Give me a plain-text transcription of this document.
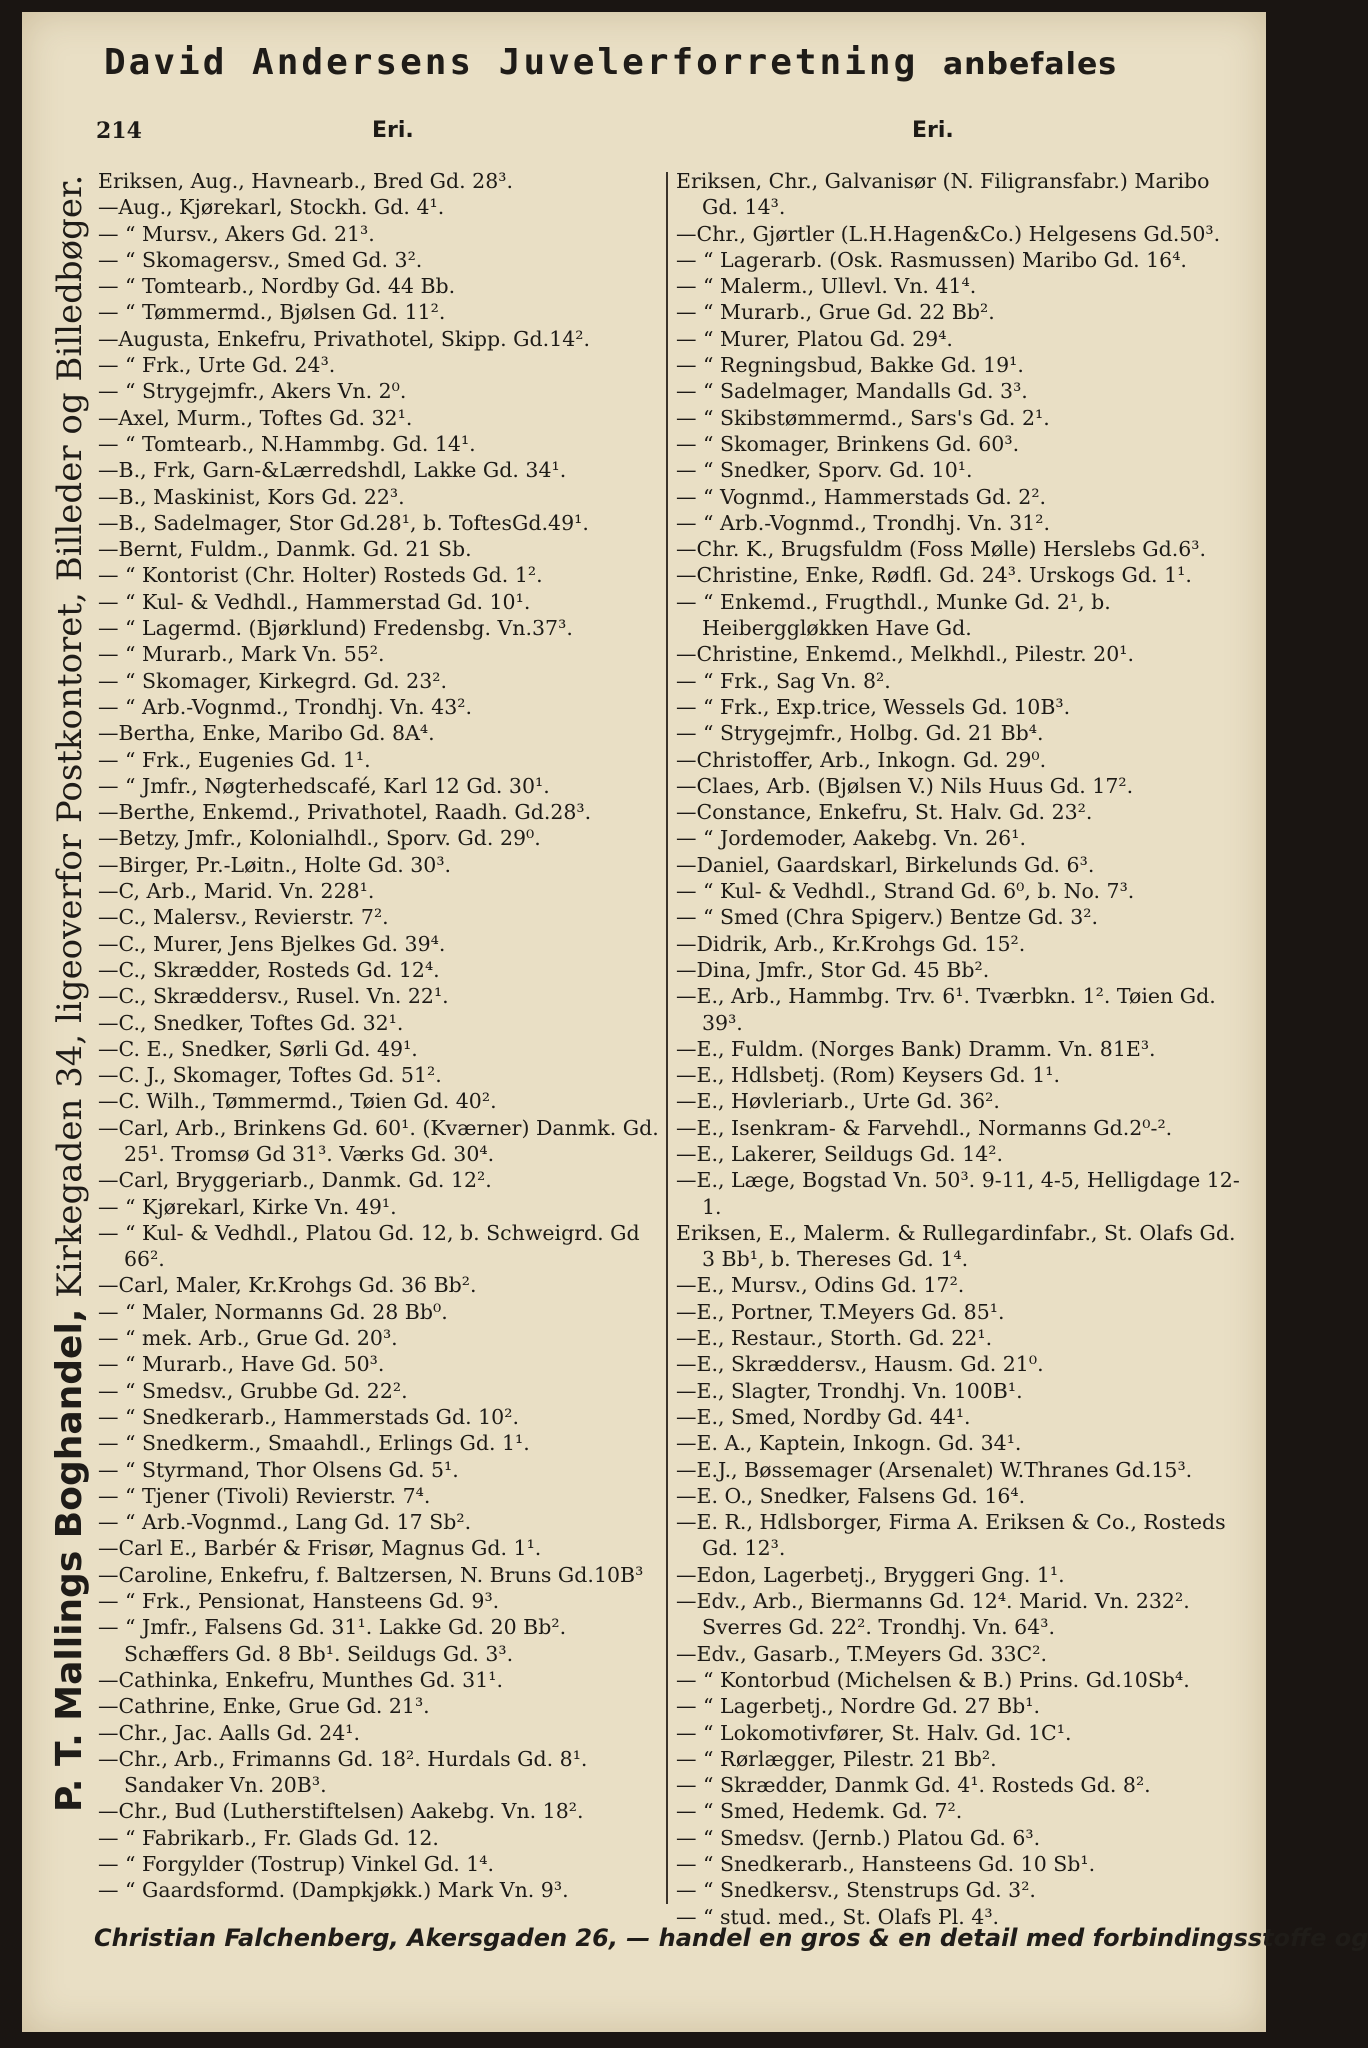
David Andersens Juvelerforretning anbefales
214	Eri.	Eri.
P. T. Mallings Boghandel, Kirkegaden 34, ligeoverfor Postkontoret, Billeder og Billedbøger. Eriksen, Aug., Havnearb., Bred Gd. 28³.
—Aug., Kjørekarl, Stockh. Gd. 4¹.
— “ Mursv., Akers Gd. 21³.
— “ Skomagersv., Smed Gd. 3².
— “ Tomtearb., Nordby Gd. 44 Bb.
— “ Tømmermd., Bjølsen Gd. 11².
—Augusta, Enkefru, Privathotel, Skipp. Gd.14².
— “ Frk., Urte Gd. 24³.
— “ Strygejmfr., Akers Vn. 2⁰.
—Axel, Murm., Toftes Gd. 32¹.
— “ Tomtearb., N.Hammbg. Gd. 14¹.
—B., Frk, Garn-&Lærredshdl, Lakke Gd. 34¹.
—B., Maskinist, Kors Gd. 22³.
—B., Sadelmager, Stor Gd.28¹, b. ToftesGd.49¹.
—Bernt, Fuldm., Danmk. Gd. 21 Sb.
— “ Kontorist (Chr. Holter) Rosteds Gd. 1².
— “ Kul- & Vedhdl., Hammerstad Gd. 10¹.
— “ Lagermd. (Bjørklund) Fredensbg. Vn.37³.
— “ Murarb., Mark Vn. 55².
— “ Skomager, Kirkegrd. Gd. 23².
— “ Arb.-Vognmd., Trondhj. Vn. 43².
—Bertha, Enke, Maribo Gd. 8A⁴.
— “ Frk., Eugenies Gd. 1¹.
— “ Jmfr., Nøgterhedscafé, Karl 12 Gd. 30¹.
—Berthe, Enkemd., Privathotel, Raadh. Gd.28³.
—Betzy, Jmfr., Kolonialhdl., Sporv. Gd. 29⁰.
—Birger, Pr.-Løitn., Holte Gd. 30³.
—C, Arb., Marid. Vn. 228¹.
—C., Malersv., Revierstr. 7².
—C., Murer, Jens Bjelkes Gd. 39⁴.
—C., Skrædder, Rosteds Gd. 12⁴.
—C., Skræddersv., Rusel. Vn. 22¹.
—C., Snedker, Toftes Gd. 32¹.
—C. E., Snedker, Sørli Gd. 49¹.
—C. J., Skomager, Toftes Gd. 51².
—C. Wilh., Tømmermd., Tøien Gd. 40².
—Carl, Arb., Brinkens Gd. 60¹. (Kværner) Danmk. Gd. 25¹. Tromsø Gd 31³. Værks Gd. 30⁴.
—Carl, Bryggeriarb., Danmk. Gd. 12².
— “ Kjørekarl, Kirke Vn. 49¹.
— “ Kul- & Vedhdl., Platou Gd. 12, b. Schweigrd. Gd 66².
—Carl, Maler, Kr.Krohgs Gd. 36 Bb².
— “ Maler, Normanns Gd. 28 Bb⁰.
— “ mek. Arb., Grue Gd. 20³.
— “ Murarb., Have Gd. 50³.
— “ Smedsv., Grubbe Gd. 22².
— “ Snedkerarb., Hammerstads Gd. 10².
— “ Snedkerm., Smaahdl., Erlings Gd. 1¹.
— “ Styrmand, Thor Olsens Gd. 5¹.
— “ Tjener (Tivoli) Revierstr. 7⁴.
— “ Arb.-Vognmd., Lang Gd. 17 Sb².
—Carl E., Barbér & Frisør, Magnus Gd. 1¹.
—Caroline, Enkefru, f. Baltzersen, N. Bruns Gd.10B³
— “ Frk., Pensionat, Hansteens Gd. 9³.
— “ Jmfr., Falsens Gd. 31¹. Lakke Gd. 20 Bb². Schæffers Gd. 8 Bb¹. Seildugs Gd. 3³.
—Cathinka, Enkefru, Munthes Gd. 31¹.
—Cathrine, Enke, Grue Gd. 21³.
—Chr., Jac. Aalls Gd. 24¹.
—Chr., Arb., Frimanns Gd. 18². Hurdals Gd. 8¹. Sandaker Vn. 20B³.
—Chr., Bud (Lutherstiftelsen) Aakebg. Vn. 18².
— “ Fabrikarb., Fr. Glads Gd. 12.
— “ Forgylder (Tostrup) Vinkel Gd. 1⁴.
— “ Gaardsformd. (Dampkjøkk.) Mark Vn. 9³.
Eriksen, Chr., Galvanisør (N. Filigransfabr.) Maribo Gd. 14³.
—Chr., Gjørtler (L.H.Hagen&Co.) Helgesens Gd.50³.
— “ Lagerarb. (Osk. Rasmussen) Maribo Gd. 16⁴.
— “ Malerm., Ullevl. Vn. 41⁴.
— “ Murarb., Grue Gd. 22 Bb².
— “ Murer, Platou Gd. 29⁴.
— “ Regningsbud, Bakke Gd. 19¹.
— “ Sadelmager, Mandalls Gd. 3³.
— “ Skibstømmermd., Sars's Gd. 2¹.
— “ Skomager, Brinkens Gd. 60³.
— “ Snedker, Sporv. Gd. 10¹.
— “ Vognmd., Hammerstads Gd. 2².
— “ Arb.-Vognmd., Trondhj. Vn. 31².
—Chr. K., Brugsfuldm (Foss Mølle) Herslebs Gd.6³.
—Christine, Enke, Rødfl. Gd. 24³. Urskogs Gd. 1¹.
— “ Enkemd., Frugthdl., Munke Gd. 2¹, b. Heiberggløkken Have Gd.
—Christine, Enkemd., Melkhdl., Pilestr. 20¹.
— “ Frk., Sag Vn. 8².
— “ Frk., Exp.trice, Wessels Gd. 10B³.
— “ Strygejmfr., Holbg. Gd. 21 Bb⁴.
—Christoffer, Arb., Inkogn. Gd. 29⁰.
—Claes, Arb. (Bjølsen V.) Nils Huus Gd. 17².
—Constance, Enkefru, St. Halv. Gd. 23².
— “ Jordemoder, Aakebg. Vn. 26¹.
—Daniel, Gaardskarl, Birkelunds Gd. 6³.
— “ Kul- & Vedhdl., Strand Gd. 6⁰, b. No. 7³.
— “ Smed (Chra Spigerv.) Bentze Gd. 3².
—Didrik, Arb., Kr.Krohgs Gd. 15².
—Dina, Jmfr., Stor Gd. 45 Bb².
—E., Arb., Hammbg. Trv. 6¹. Tværbkn. 1². Tøien Gd. 39³.
—E., Fuldm. (Norges Bank) Dramm. Vn. 81E³.
—E., Hdlsbetj. (Rom) Keysers Gd. 1¹.
—E., Høvleriarb., Urte Gd. 36².
—E., Isenkram- & Farvehdl., Normanns Gd.2⁰-².
—E., Lakerer, Seildugs Gd. 14².
—E., Læge, Bogstad Vn. 50³. 9-11, 4-5, Helligdage 12-1.
Eriksen, E., Malerm. & Rullegardinfabr., St. Olafs Gd. 3 Bb¹, b. Thereses Gd. 1⁴.
—E., Mursv., Odins Gd. 17².
—E., Portner, T.Meyers Gd. 85¹.
—E., Restaur., Storth. Gd. 22¹.
—E., Skræddersv., Hausm. Gd. 21⁰.
—E., Slagter, Trondhj. Vn. 100B¹.
—E., Smed, Nordby Gd. 44¹.
—E. A., Kaptein, Inkogn. Gd. 34¹.
—E.J., Bøssemager (Arsenalet) W.Thranes Gd.15³.
—E. O., Snedker, Falsens Gd. 16⁴.
—E. R., Hdlsborger, Firma A. Eriksen & Co., Rosteds Gd. 12³.
—Edon, Lagerbetj., Bryggeri Gng. 1¹.
—Edv., Arb., Biermanns Gd. 12⁴. Marid. Vn. 232². Sverres Gd. 22². Trondhj. Vn. 64³.
—Edv., Gasarb., T.Meyers Gd. 33C².
— “ Kontorbud (Michelsen & B.) Prins. Gd.10Sb⁴.
— “ Lagerbetj., Nordre Gd. 27 Bb¹.
— “ Lokomotivfører, St. Halv. Gd. 1C¹.
— “ Rørlægger, Pilestr. 21 Bb².
— “ Skrædder, Danmk Gd. 4¹. Rosteds Gd. 8².
— “ Smed, Hedemk. Gd. 7².
— “ Smedsv. (Jernb.) Platou Gd. 6³.
— “ Snedkerarb., Hansteens Gd. 10 Sb¹.
— “ Snedkersv., Stenstrups Gd. 3².
— “ stud. med., St. Olafs Pl. 4³.
Christian Falchenberg, Akersgaden 26, — handel en gros & en detail med forbindingsstoffe og
